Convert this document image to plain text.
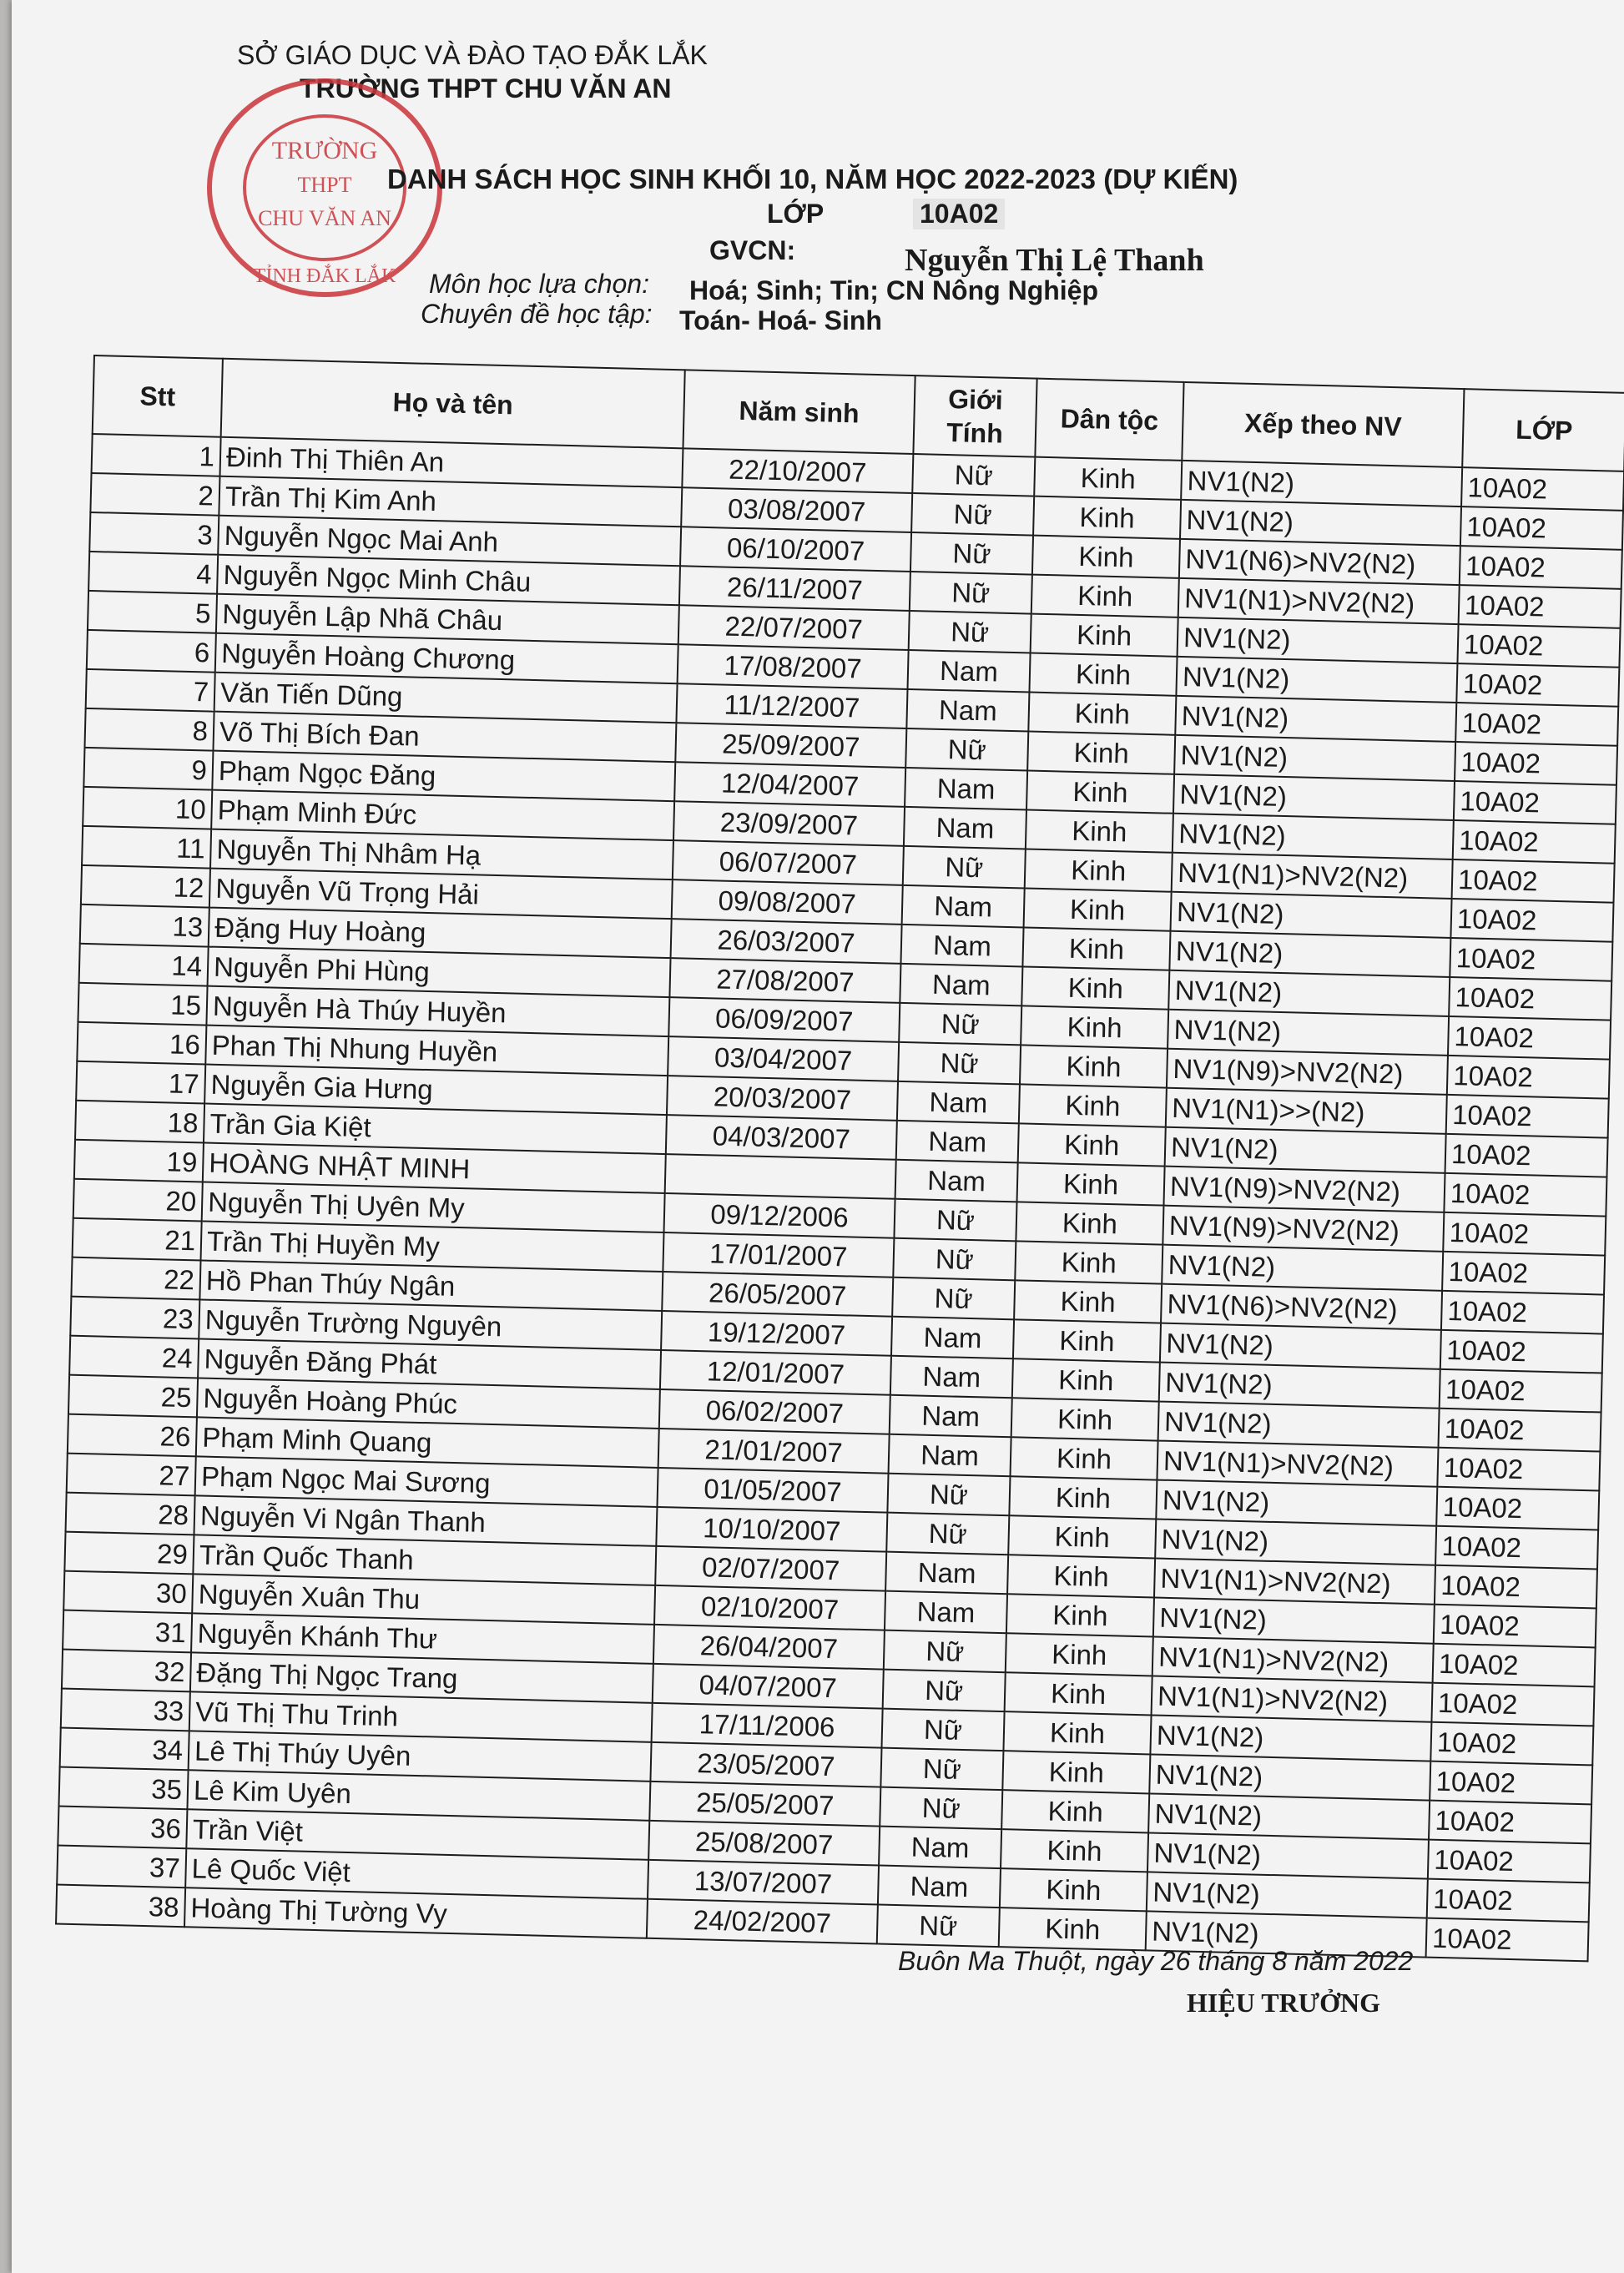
SỞ GIÁO DỤC VÀ ĐÀO TẠO ĐẮK LẮK
TRƯỜNG THPT CHU VĂN AN
TRƯỜNG
THPT
CHU VĂN AN
TỈNH ĐẮK LẮK
DANH SÁCH HỌC SINH KHỐI 10, NĂM HỌC 2022-2023 (DỰ KIẾN)
LỚP	10A02
GVCN:	Nguyễn Thị Lệ Thanh
Môn học lựa chọn: Hoá; Sinh; Tin; CN Nông Nghiệp
Chuyên đề học tập: Toán- Hoá- Sinh
Stt	Họ và tên	Năm sinh	Giới Tính	Dân tộc	Xếp theo NV	LỚP
1	Đinh Thị Thiên An	22/10/2007	Nữ	Kinh	NV1(N2)	10A02
2	Trần Thị Kim Anh	03/08/2007	Nữ	Kinh	NV1(N2)	10A02
3	Nguyễn Ngọc Mai Anh	06/10/2007	Nữ	Kinh	NV1(N6)>NV2(N2)	10A02
4	Nguyễn Ngọc Minh Châu	26/11/2007	Nữ	Kinh	NV1(N1)>NV2(N2)	10A02
5	Nguyễn Lập Nhã Châu	22/07/2007	Nữ	Kinh	NV1(N2)	10A02
6	Nguyễn Hoàng Chương	17/08/2007	Nam	Kinh	NV1(N2)	10A02
7	Văn Tiến Dũng	11/12/2007	Nam	Kinh	NV1(N2)	10A02
8	Võ Thị Bích Đan	25/09/2007	Nữ	Kinh	NV1(N2)	10A02
9	Phạm Ngọc Đăng	12/04/2007	Nam	Kinh	NV1(N2)	10A02
10	Phạm Minh Đức	23/09/2007	Nam	Kinh	NV1(N2)	10A02
11	Nguyễn Thị Nhâm Hạ	06/07/2007	Nữ	Kinh	NV1(N1)>NV2(N2)	10A02
12	Nguyễn Vũ Trọng Hải	09/08/2007	Nam	Kinh	NV1(N2)	10A02
13	Đặng Huy Hoàng	26/03/2007	Nam	Kinh	NV1(N2)	10A02
14	Nguyễn Phi Hùng	27/08/2007	Nam	Kinh	NV1(N2)	10A02
15	Nguyễn Hà Thúy Huyền	06/09/2007	Nữ	Kinh	NV1(N2)	10A02
16	Phan Thị Nhung Huyền	03/04/2007	Nữ	Kinh	NV1(N9)>NV2(N2)	10A02
17	Nguyễn Gia Hưng	20/03/2007	Nam	Kinh	NV1(N1)>>(N2)	10A02
18	Trần Gia Kiệt	04/03/2007	Nam	Kinh	NV1(N2)	10A02
19	HOÀNG NHẬT MINH		Nam	Kinh	NV1(N9)>NV2(N2)	10A02
20	Nguyễn Thị Uyên My	09/12/2006	Nữ	Kinh	NV1(N9)>NV2(N2)	10A02
21	Trần Thị Huyền My	17/01/2007	Nữ	Kinh	NV1(N2)	10A02
22	Hồ Phan Thúy Ngân	26/05/2007	Nữ	Kinh	NV1(N6)>NV2(N2)	10A02
23	Nguyễn Trường Nguyên	19/12/2007	Nam	Kinh	NV1(N2)	10A02
24	Nguyễn Đăng Phát	12/01/2007	Nam	Kinh	NV1(N2)	10A02
25	Nguyễn Hoàng Phúc	06/02/2007	Nam	Kinh	NV1(N2)	10A02
26	Phạm Minh Quang	21/01/2007	Nam	Kinh	NV1(N1)>NV2(N2)	10A02
27	Phạm Ngọc Mai Sương	01/05/2007	Nữ	Kinh	NV1(N2)	10A02
28	Nguyễn Vi Ngân Thanh	10/10/2007	Nữ	Kinh	NV1(N2)	10A02
29	Trần Quốc Thanh	02/07/2007	Nam	Kinh	NV1(N1)>NV2(N2)	10A02
30	Nguyễn Xuân Thu	02/10/2007	Nam	Kinh	NV1(N2)	10A02
31	Nguyễn Khánh Thư	26/04/2007	Nữ	Kinh	NV1(N1)>NV2(N2)	10A02
32	Đặng Thị Ngọc Trang	04/07/2007	Nữ	Kinh	NV1(N1)>NV2(N2)	10A02
33	Vũ Thị Thu Trinh	17/11/2006	Nữ	Kinh	NV1(N2)	10A02
34	Lê Thị Thúy Uyên	23/05/2007	Nữ	Kinh	NV1(N2)	10A02
35	Lê Kim Uyên	25/05/2007	Nữ	Kinh	NV1(N2)	10A02
36	Trần Việt	25/08/2007	Nam	Kinh	NV1(N2)	10A02
37	Lê Quốc Việt	13/07/2007	Nam	Kinh	NV1(N2)	10A02
38	Hoàng Thị Tường Vy	24/02/2007	Nữ	Kinh	NV1(N2)	10A02
Buôn Ma Thuột, ngày 26 tháng 8 năm 2022
HIỆU TRƯỞNG
